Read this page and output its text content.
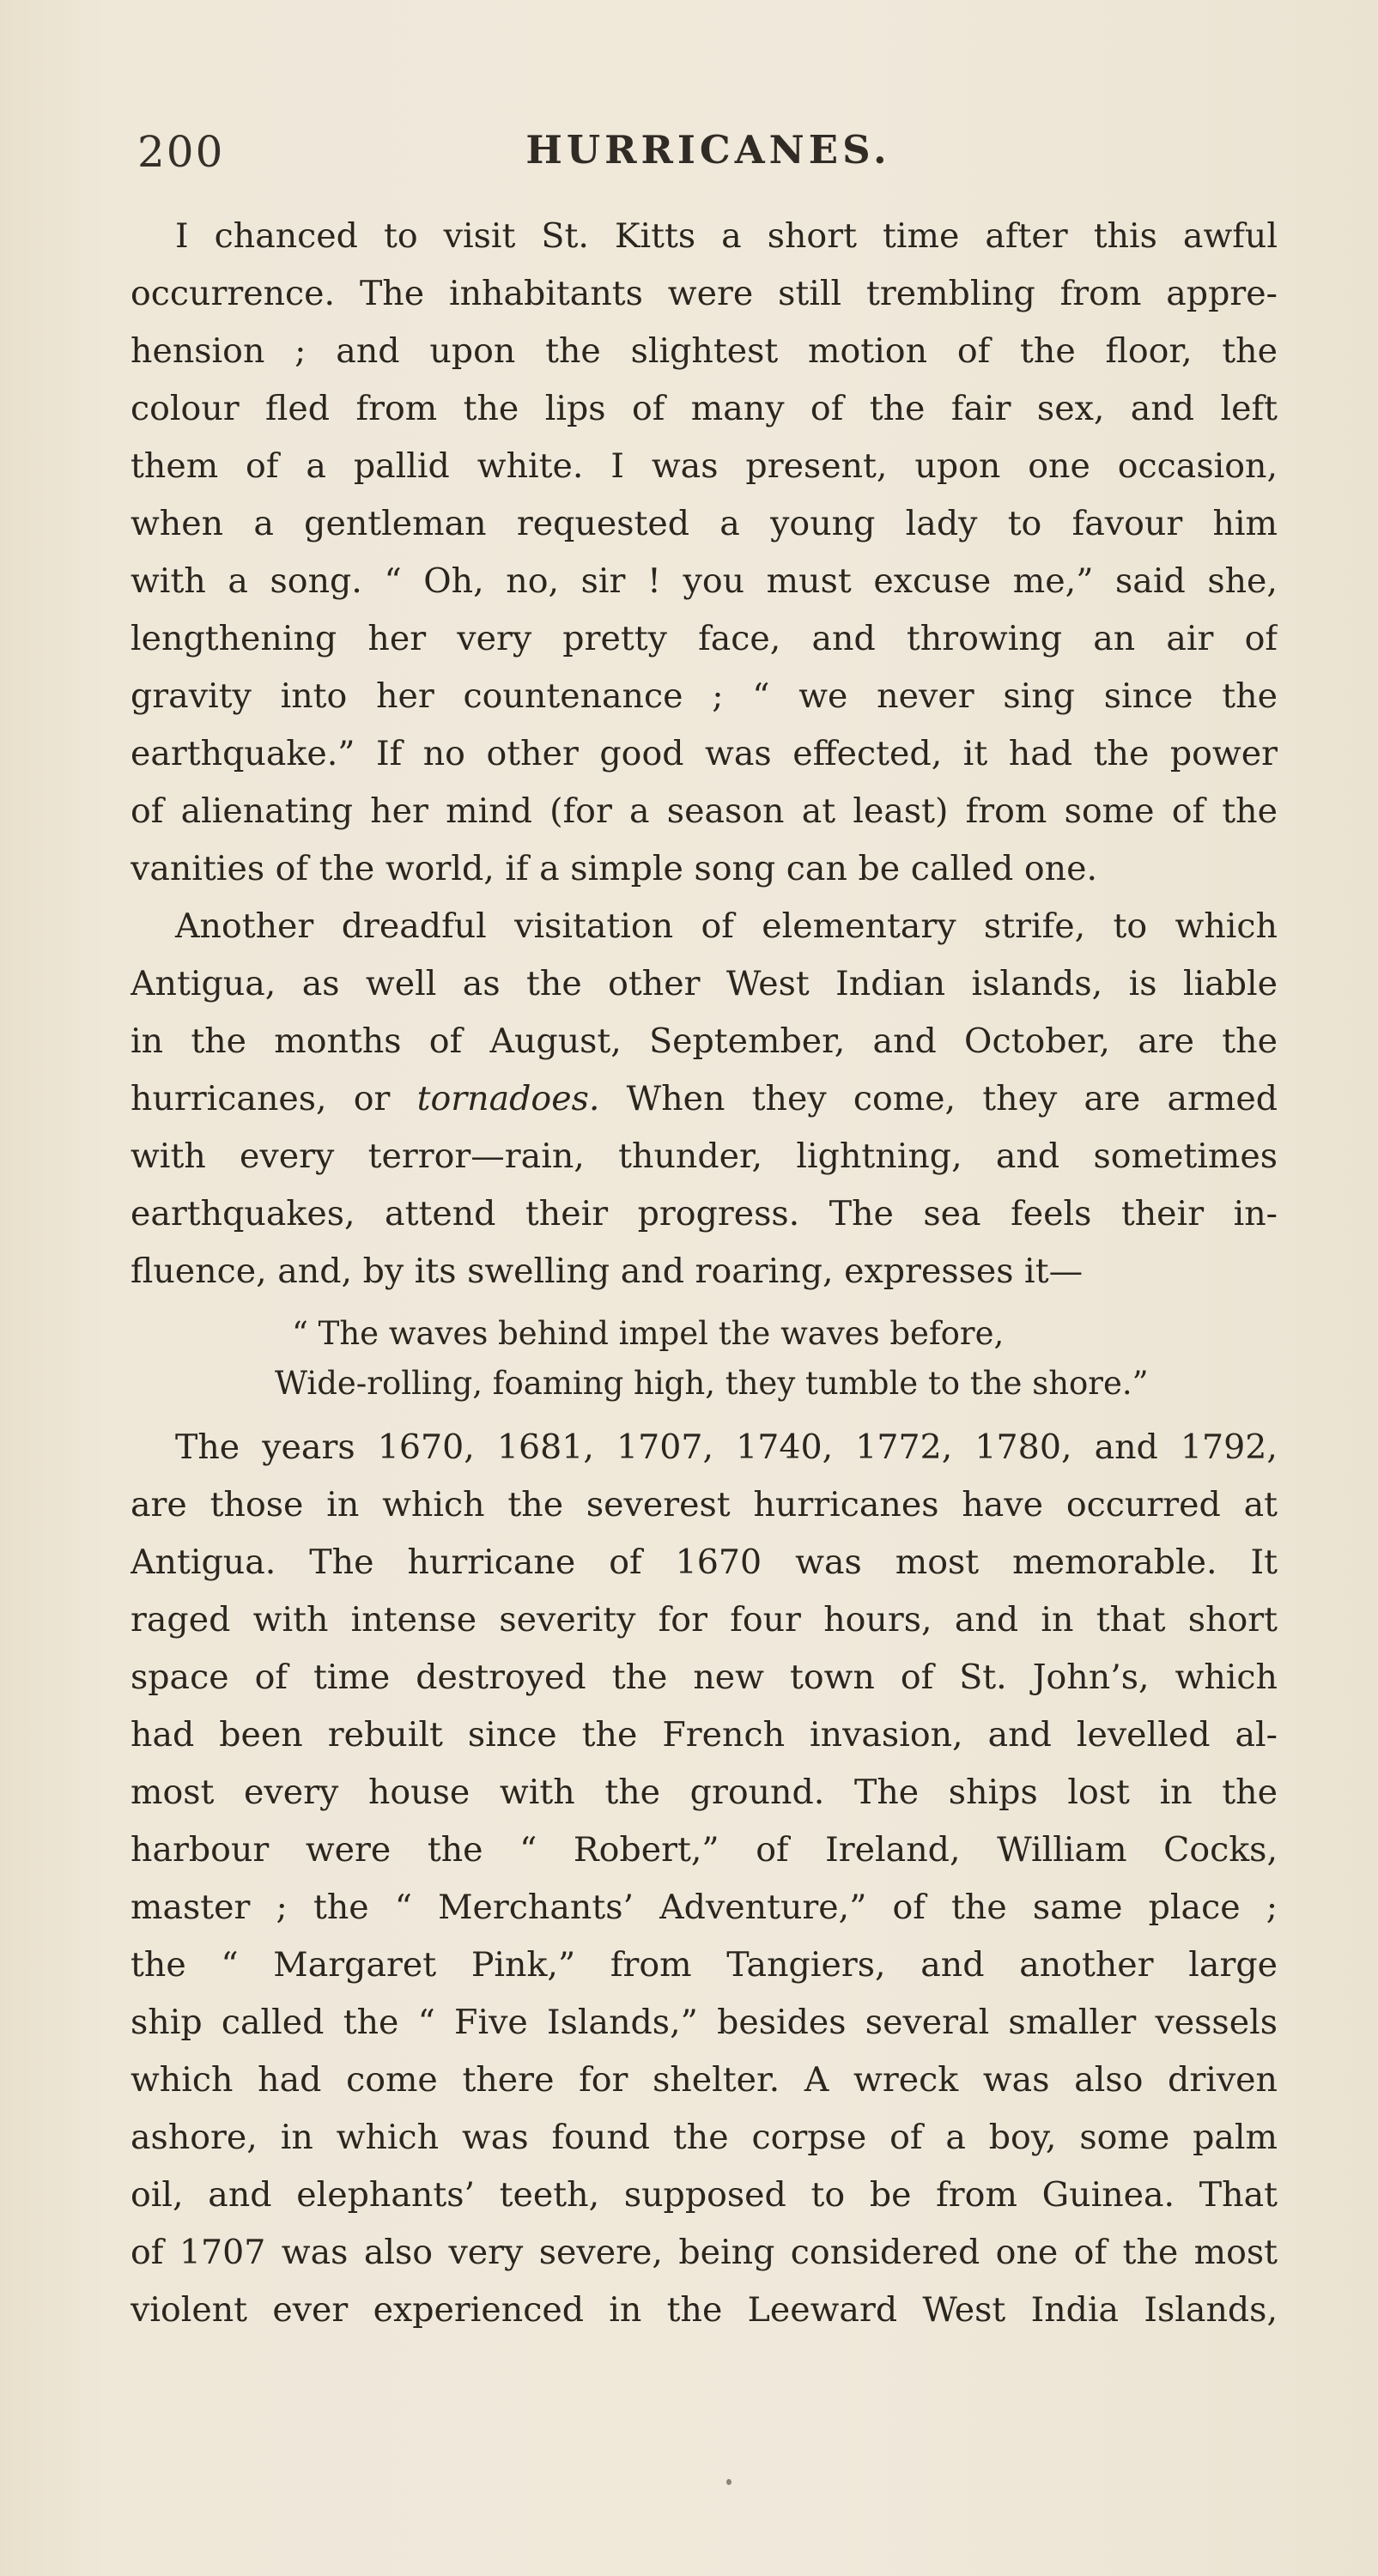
200	HURRICANES.
I chanced to visit St. Kitts a short time after this awful
occurrence. The inhabitants were still trembling from appre-
hension ; and upon the slightest motion of the floor, the
colour fled from the lips of many of the fair sex, and left
them of a pallid white. I was present, upon one occasion,
when a gentleman requested a young lady to favour him
with a song. “ Oh, no, sir ! you must excuse me,” said she,
lengthening her very pretty face, and throwing an air of
gravity into her countenance ; “ we never sing since the
earthquake.” If no other good was effected, it had the power
of alienating her mind (for a season at least) from some of the
vanities of the world, if a simple song can be called one.
Another dreadful visitation of elementary strife, to which
Antigua, as well as the other West Indian islands, is liable
in the months of August, September, and October, are the
hurricanes, or tornadoes. When they come, they are armed
with every terror—rain, thunder, lightning, and sometimes
earthquakes, attend their progress. The sea feels their in-
fluence, and, by its swelling and roaring, expresses it—
“ The waves behind impel the waves before,
Wide-rolling, foaming high, they tumble to the shore.”
The years 1670, 1681, 1707, 1740, 1772, 1780, and 1792,
are those in which the severest hurricanes have occurred at
Antigua. The hurricane of 1670 was most memorable. It
raged with intense severity for four hours, and in that short
space of time destroyed the new town of St. John’s, which
had been rebuilt since the French invasion, and levelled al-
most every house with the ground. The ships lost in the
harbour were the “ Robert,” of Ireland, William Cocks,
master ; the “ Merchants’ Adventure,” of the same place ;
the “ Margaret Pink,” from Tangiers, and another large
ship called the “ Five Islands,” besides several smaller vessels
which had come there for shelter. A wreck was also driven
ashore, in which was found the corpse of a boy, some palm
oil, and elephants’ teeth, supposed to be from Guinea. That
of 1707 was also very severe, being considered one of the most
violent ever experienced in the Leeward West India Islands,
